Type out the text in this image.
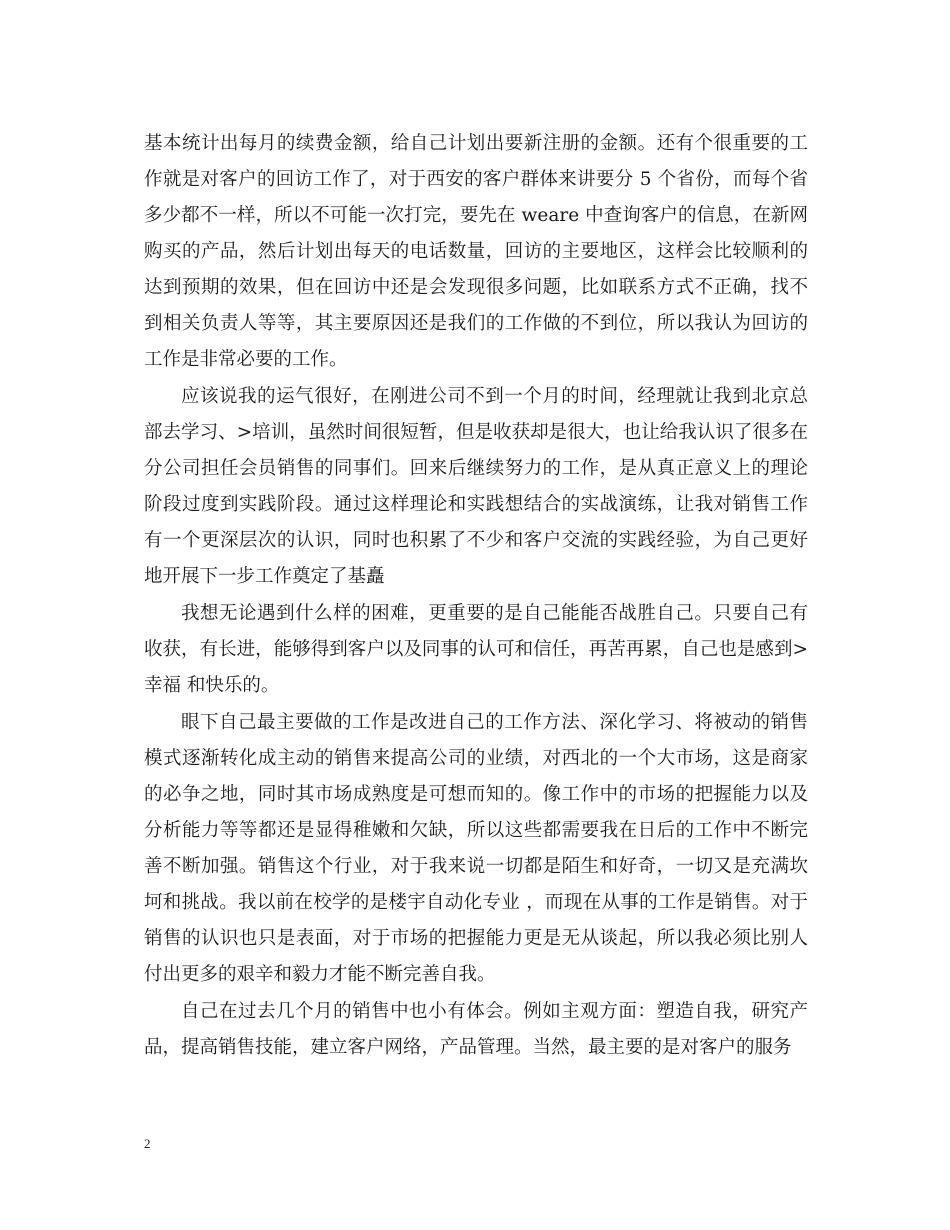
基本统计出每月的续费金额，给自己计划出要新注册的金额。还有个很重要的工作就是对客户的回访工作了，对于西安的客户群体来讲要分 5 个省份，而每个省多少都不一样，所以不可能一次打完，要先在 weare 中查询客户的信息，在新网购买的产品，然后计划出每天的电话数量，回访的主要地区，这样会比较顺利的达到预期的效果，但在回访中还是会发现很多问题，比如联系方式不正确，找不到相关负责人等等，其主要原因还是我们的工作做的不到位，所以我认为回访的工作是非常必要的工作。

应该说我的运气很好，在刚进公司不到一个月的时间，经理就让我到北京总部去学习、>培训，虽然时间很短暂，但是收获却是很大，也让给我认识了很多在分公司担任会员销售的同事们。回来后继续努力的工作，是从真正意义上的理论阶段过度到实践阶段。通过这样理论和实践想结合的实战演练，让我对销售工作有一个更深层次的认识，同时也积累了不少和客户交流的实践经验，为自己更好地开展下一步工作奠定了基矗

我想无论遇到什么样的困难，更重要的是自己能能否战胜自己。只要自己有收获，有长进，能够得到客户以及同事的认可和信任，再苦再累，自己也是感到>幸福 和快乐的。

眼下自己最主要做的工作是改进自己的工作方法、深化学习、将被动的销售模式逐渐转化成主动的销售来提高公司的业绩，对西北的一个大市场，这是商家的必争之地，同时其市场成熟度是可想而知的。像工作中的市场的把握能力以及分析能力等等都还是显得稚嫩和欠缺，所以这些都需要我在日后的工作中不断完善不断加强。销售这个行业，对于我来说一切都是陌生和好奇，一切又是充满坎坷和挑战。我以前在校学的是楼宇自动化专业 ，而现在从事的工作是销售。对于销售的认识也只是表面，对于市场的把握能力更是无从谈起，所以我必须比别人付出更多的艰辛和毅力才能不断完善自我。

自己在过去几个月的销售中也小有体会。例如主观方面：塑造自我，研究产品，提高销售技能，建立客户网络，产品管理。当然，最主要的是对客户的服务

2
